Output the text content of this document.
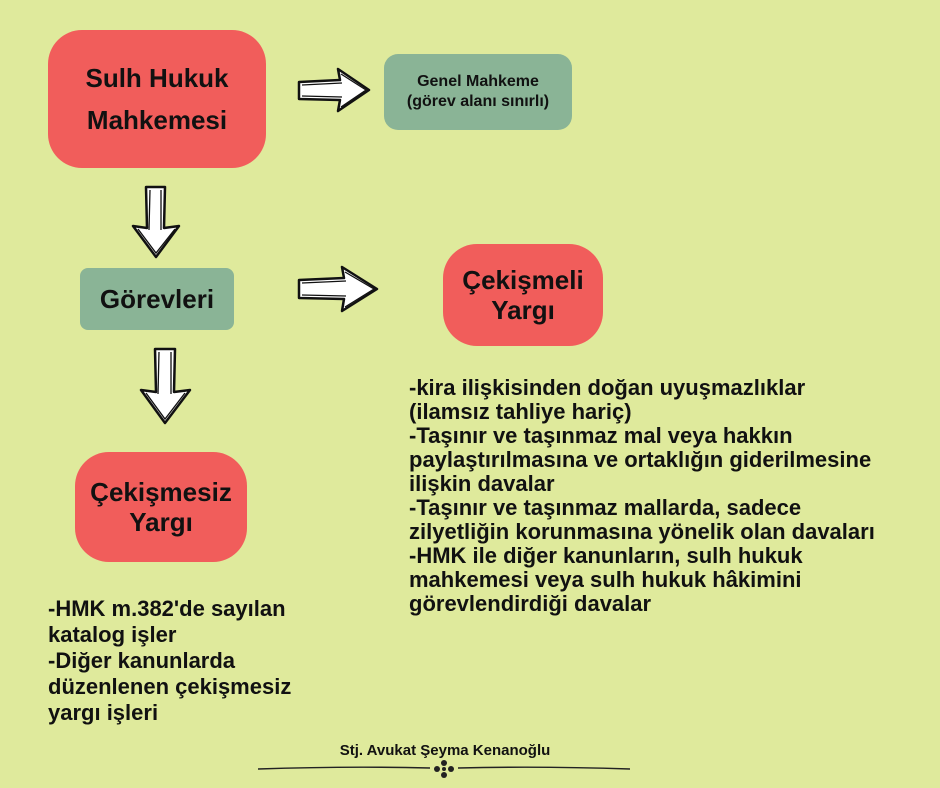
Sulh Hukuk Mahkemesi
Genel Mahkeme (görev alanı sınırlı)
Görevleri
Çekişmeli Yargı
Çekişmesiz Yargı
-kira ilişkisinden doğan uyuşmazlıklar (ilamsız tahliye hariç)
-Taşınır ve taşınmaz mal veya hakkın paylaştırılmasına ve ortaklığın giderilmesine ilişkin davalar
-Taşınır ve taşınmaz mallarda, sadece zilyetliğin korunmasına yönelik olan davaları
-HMK ile diğer kanunların, sulh hukuk mahkemesi veya sulh hukuk hâkimini görevlendirdiği davalar
-HMK m.382'de sayılan katalog işler
-Diğer kanunlarda düzenlenen çekişmesiz yargı işleri
Stj. Avukat Şeyma Kenanoğlu
